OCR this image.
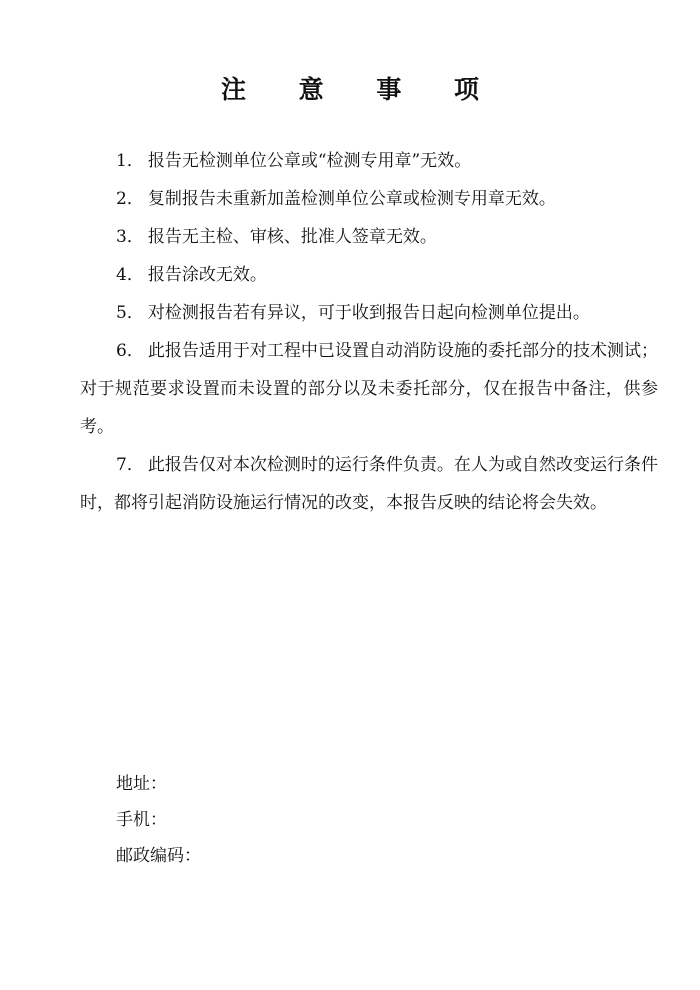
注 意 事 项
1． 报告无检测单位公章或“检测专用章”无效。
2． 复制报告未重新加盖检测单位公章或检测专用章无效。
3． 报告无主检、审核、批准人签章无效。
4． 报告涂改无效。
5． 对检测报告若有异议，可于收到报告日起向检测单位提出。
6． 此报告适用于对工程中已设置自动消防设施的委托部分的技术测试；对于规范要求设置而未设置的部分以及未委托部分，仅在报告中备注，供参考。
7． 此报告仅对本次检测时的运行条件负责。在人为或自然改变运行条件时，都将引起消防设施运行情况的改变，本报告反映的结论将会失效。
地址：
手机：
邮政编码：
